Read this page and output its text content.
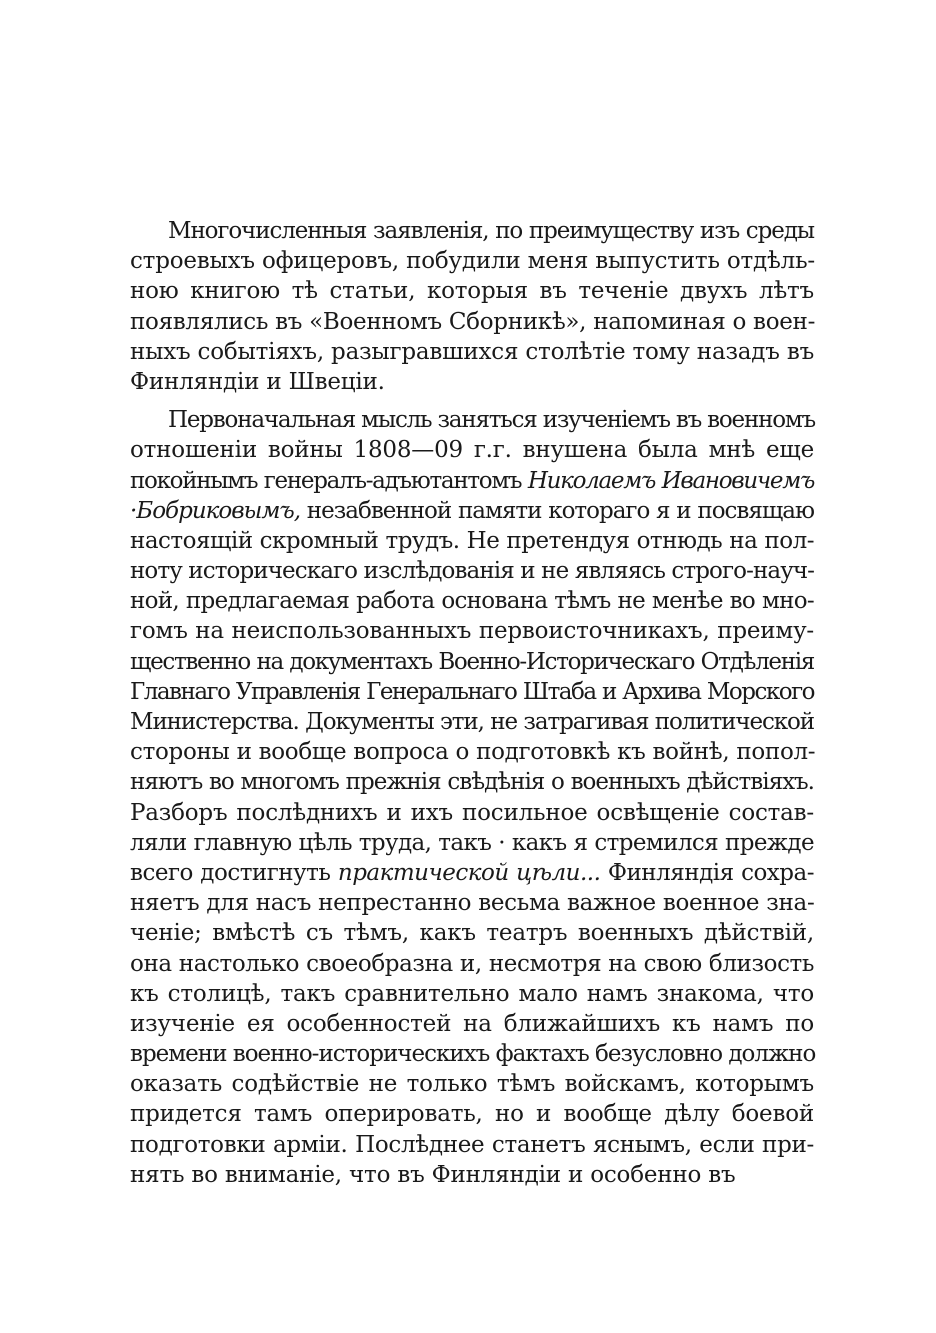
Многочисленныя заявленія, по преимуществу изъ среды
строевыхъ офицеровъ, побудили меня выпустить отдѣль-
ною книгою тѣ статьи, которыя въ теченіе двухъ лѣтъ
появлялись въ «Военномъ Сборникѣ», напоминая о воен-
ныхъ событіяхъ, разыгравшихся столѣтіе тому назадъ въ
Финляндіи и Швеціи.
Первоначальная мысль заняться изученіемъ въ военномъ
отношеніи войны 1808—09 г.г. внушена была мнѣ еще
покойнымъ генералъ-адъютантомъ Николаемъ Ивановичемъ
·Бобриковымъ, незабвенной памяти котораго я и посвящаю
настоящій скромный трудъ. Не претендуя отнюдь на пол-
ноту историческаго изслѣдованія и не являясь строго-науч-
ной, предлагаемая работа основана тѣмъ не менѣе во мно-
гомъ на неиспользованныхъ первоисточникахъ, преиму-
щественно на документахъ Военно-Историческаго Отдѣленія
Главнаго Управленія Генеральнаго Штаба и Архива Морского
Министерства. Документы эти, не затрагивая политической
стороны и вообще вопроса о подготовкѣ къ войнѣ, попол-
няютъ во многомъ прежнія свѣдѣнія о военныхъ дѣйствіяхъ.
Разборъ послѣднихъ и ихъ посильное освѣщеніе состав-
ляли главную цѣль труда, такъ · какъ я стремился прежде
всего достигнуть практической цѣли... Финляндія сохра-
няетъ для насъ непрестанно весьма важное военное зна-
ченіе; вмѣстѣ съ тѣмъ, какъ театръ военныхъ дѣйствій,
она настолько своеобразна и, несмотря на свою близость
къ столицѣ, такъ сравнительно мало намъ знакома, что
изученіе ея особенностей на ближайшихъ къ намъ по
времени военно-историческихъ фактахъ безусловно должно
оказать содѣйствіе не только тѣмъ войскамъ, которымъ
придется тамъ оперировать, но и вообще дѣлу боевой
подготовки арміи. Послѣднее станетъ яснымъ, если при-
нять во вниманіе, что въ Финляндіи и особенно въ
